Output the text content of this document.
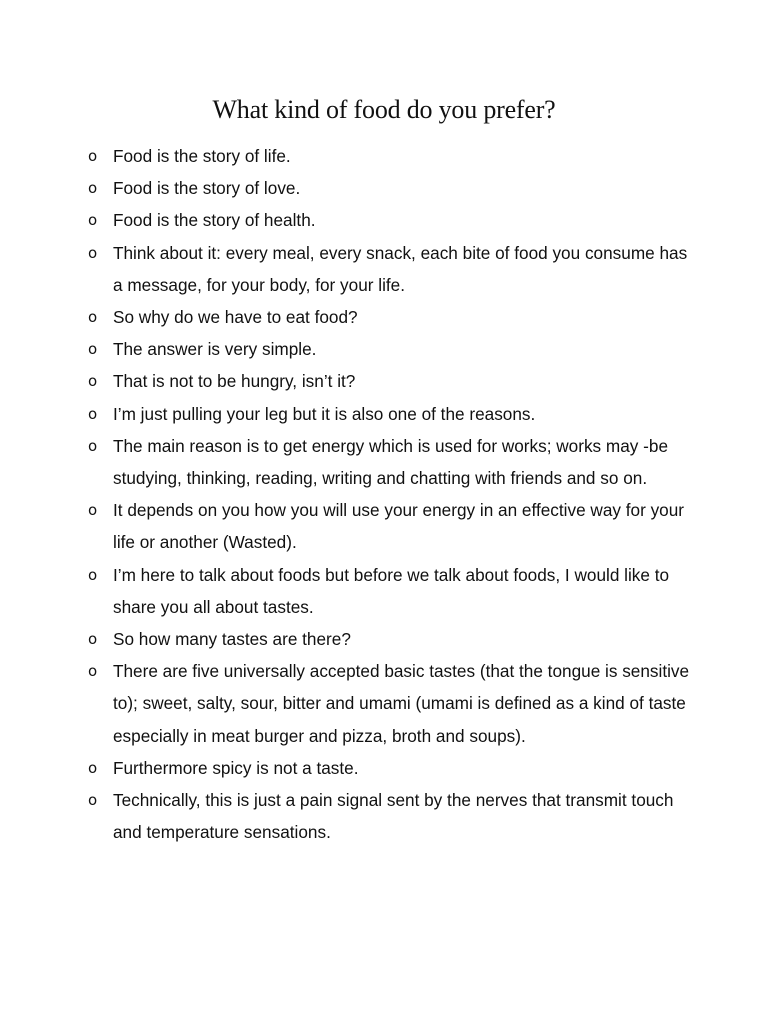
What kind of food do you prefer?
o Food is the story of life.
o Food is the story of love.
o Food is the story of health.
o Think about it: every meal, every snack, each bite of food you consume has a message, for your body, for your life.
o So why do we have to eat food?
o The answer is very simple.
o That is not to be hungry, isn’t it?
o I’m just pulling your leg but it is also one of the reasons.
o The main reason is to get energy which is used for works; works may -be studying, thinking, reading, writing and chatting with friends and so on.
o It depends on you how you will use your energy in an effective way for your life or another (Wasted).
o I’m here to talk about foods but before we talk about foods, I would like to share you all about tastes.
o So how many tastes are there?
o There are five universally accepted basic tastes (that the tongue is sensitive to); sweet, salty, sour, bitter and umami (umami is defined as a kind of taste especially in meat burger and pizza, broth and soups).
o Furthermore spicy is not a taste.
o Technically, this is just a pain signal sent by the nerves that transmit touch and temperature sensations.
